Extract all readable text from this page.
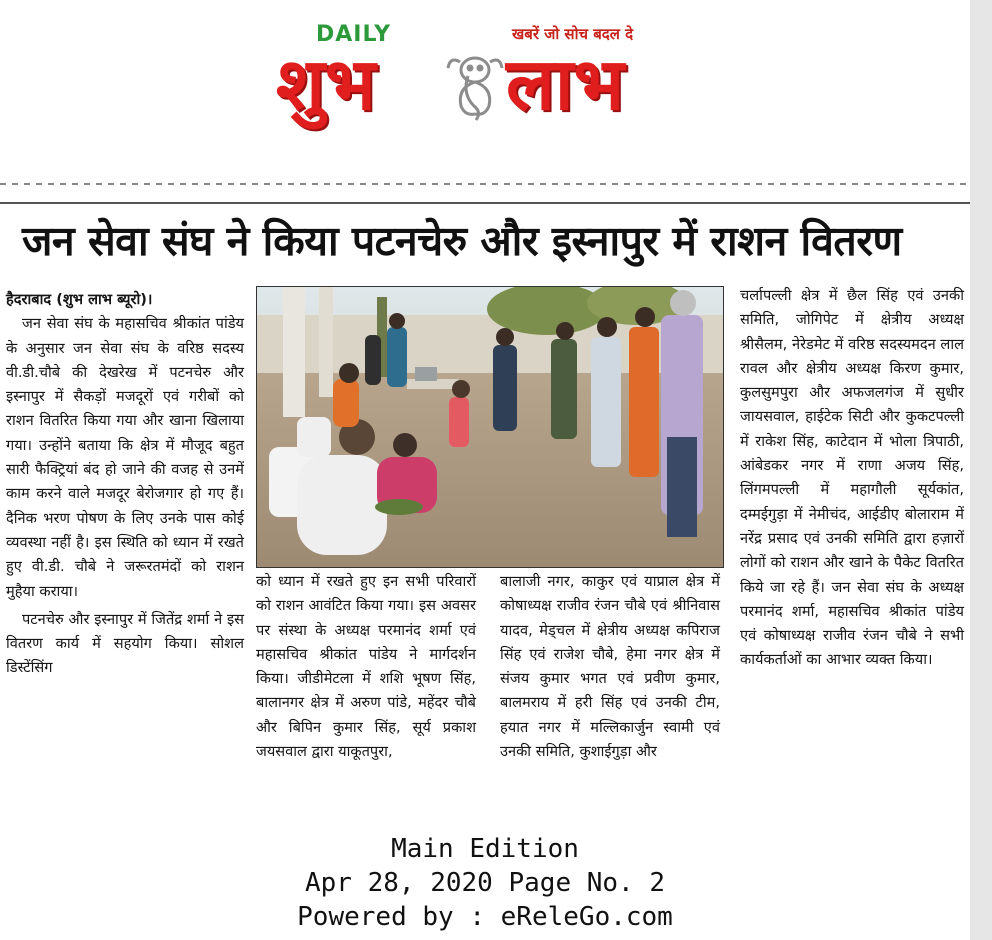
DAILY	खबरें जो सोच बदल दे
शुभ लाभ
जन सेवा संघ ने किया पटनचेरु और इस्नापुर में राशन वितरण

हैदराबाद (शुभ लाभ ब्यूरो)।

जन सेवा संघ के महासचिव श्रीकांत पांडेय के अनुसार जन सेवा संघ के वरिष्ठ सदस्य वी.डी.चौबे की देखरेख में पटनचेरु और इस्नापुर में सैकड़ों मजदूरों एवं गरीबों को राशन वितरित किया गया और खाना खिलाया गया। उन्होंने बताया कि क्षेत्र में मौजूद बहुत सारी फैक्ट्रियां बंद हो जाने की वजह से उनमें काम करने वाले मजदूर बेरोजगार हो गए हैं। दैनिक भरण पोषण के लिए उनके पास कोई व्यवस्था नहीं है। इस स्थिति को ध्यान में रखते हुए वी.डी. चौबे ने जरूरतमंदों को राशन मुहैया कराया।

पटनचेरु और इस्नापुर में जितेंद्र शर्मा ने इस वितरण कार्य में सहयोग किया। सोशल डिस्टेंसिंग

को ध्यान में रखते हुए इन सभी परिवारों को राशन आवंटित किया गया। इस अवसर पर संस्था के अध्यक्ष परमानंद शर्मा एवं महासचिव श्रीकांत पांडेय ने मार्गदर्शन किया। जीडीमेटला में शशि भूषण सिंह, बालानगर क्षेत्र में अरुण पांडे, महेंदर चौबे और बिपिन कुमार सिंह, सूर्य प्रकाश जयसवाल द्वारा याकूतपुरा,

बालाजी नगर, काकुर एवं याप्राल क्षेत्र में कोषाध्यक्ष राजीव रंजन चौबे एवं श्रीनिवास यादव, मेड्चल में क्षेत्रीय अध्यक्ष कपिराज सिंह एवं राजेश चौबे, हेमा नगर क्षेत्र में संजय कुमार भगत एवं प्रवीण कुमार, बालमराय में हरी सिंह एवं उनकी टीम, हयात नगर में मल्लिकार्जुन स्वामी एवं उनकी समिति, कुशाईगुड़ा और

चर्लापल्ली क्षेत्र में छैल सिंह एवं उनकी समिति, जोगिपेट में क्षेत्रीय अध्यक्ष श्रीसैलम, नेरेडमेट में वरिष्ठ सदस्यमदन लाल रावल और क्षेत्रीय अध्यक्ष किरण कुमार, कुलसुमपुरा और अफजलगंज में सुधीर जायसवाल, हाईटेक सिटी और कुकटपल्ली में राकेश सिंह, काटेदान में भोला त्रिपाठी, आंबेडकर नगर में राणा अजय सिंह, लिंगमपल्ली में महागौली सूर्यकांत, दम्मईगुड़ा में नेमीचंद, आईडीए बोलाराम में नरेंद्र प्रसाद एवं उनकी समिति द्वारा हज़ारों लोगों को राशन और खाने के पैकेट वितरित किये जा रहे हैं। जन सेवा संघ के अध्यक्ष परमानंद शर्मा, महासचिव श्रीकांत पांडेय एवं कोषाध्यक्ष राजीव रंजन चौबे ने सभी कार्यकर्ताओं का आभार व्यक्त किया।

Main Edition
Apr 28, 2020 Page No. 2
Powered by : eReleGo.com
